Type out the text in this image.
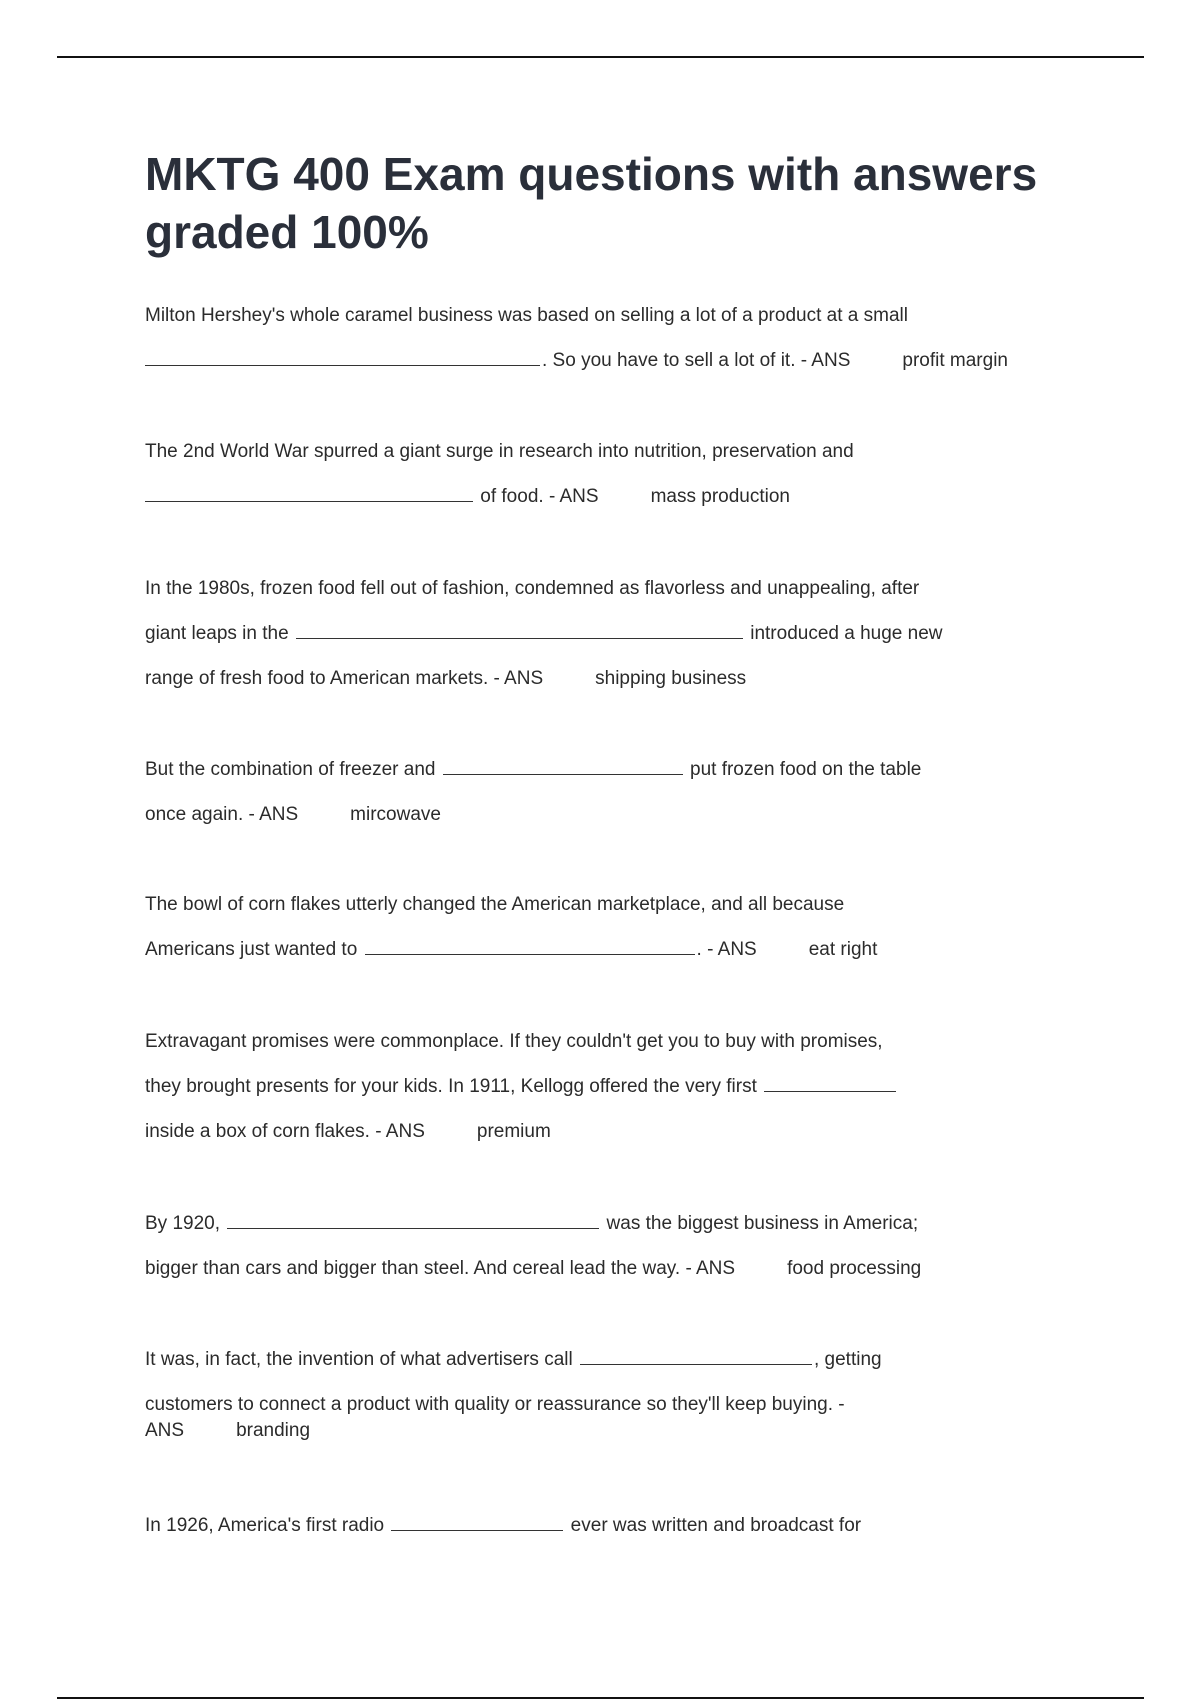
MKTG 400 Exam questions with answers graded 100%
Milton Hershey's whole caramel business was based on selling a lot of a product at a small
. So you have to sell a lot of it. - ANS	profit margin
The 2nd World War spurred a giant surge in research into nutrition, preservation and
of food. - ANS	mass production
In the 1980s, frozen food fell out of fashion, condemned as flavorless and unappealing, after
giant leaps in the	introduced a huge new
range of fresh food to American markets. - ANS	shipping business
But the combination of freezer and	put frozen food on the table
once again. - ANS	mircowave
The bowl of corn flakes utterly changed the American marketplace, and all because
Americans just wanted to	. - ANS	eat right
Extravagant promises were commonplace. If they couldn't get you to buy with promises,
they brought presents for your kids. In 1911, Kellogg offered the very first
inside a box of corn flakes. - ANS	premium
By 1920,	was the biggest business in America;
bigger than cars and bigger than steel. And cereal lead the way. - ANS	food processing
It was, in fact, the invention of what advertisers call	, getting
customers to connect a product with quality or reassurance so they'll keep buying. -
ANS	branding
In 1926, America's first radio	ever was written and broadcast for
